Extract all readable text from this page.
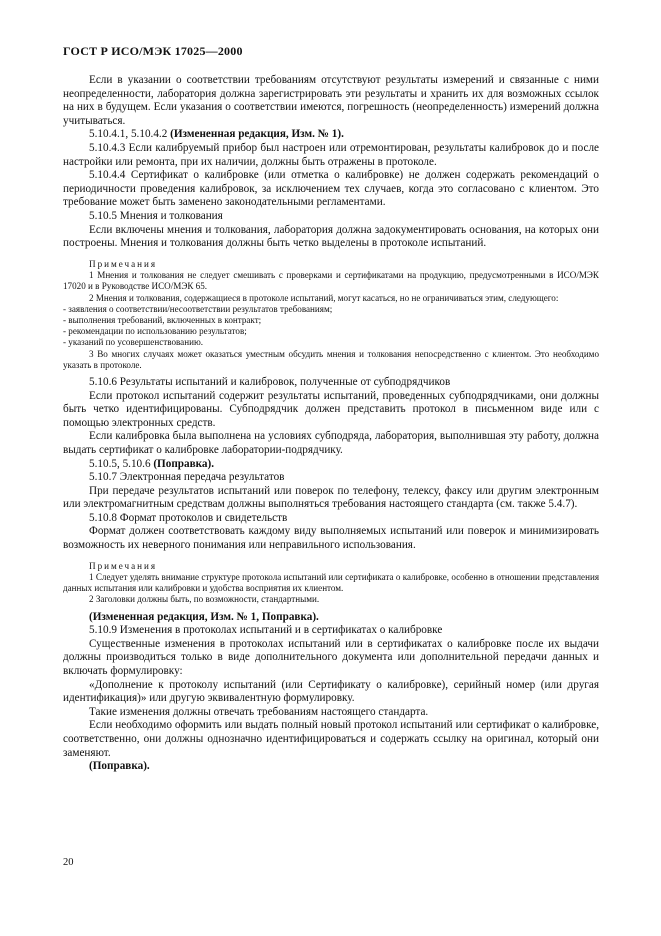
ГОСТ Р ИСО/МЭК 17025—2000

Если в указании о соответствии требованиям отсутствуют результаты измерений и связанные с ними неопределенности, лаборатория должна зарегистрировать эти результаты и хранить их для возможных ссылок на них в будущем. Если указания о соответствии имеются, погрешность (неопределенность) измерений должна учитываться.

5.10.4.1, 5.10.4.2 (Измененная редакция, Изм. № 1).

5.10.4.3 Если калибруемый прибор был настроен или отремонтирован, результаты калибровок до и после настройки или ремонта, при их наличии, должны быть отражены в протоколе.

5.10.4.4 Сертификат о калибровке (или отметка о калибровке) не должен содержать рекомендаций о периодичности проведения калибровок, за исключением тех случаев, когда это согласовано с клиентом. Это требование может быть заменено законодательными регламентами.

5.10.5 Мнения и толкования

Если включены мнения и толкования, лаборатория должна задокументировать основания, на которых они построены. Мнения и толкования должны быть четко выделены в протоколе испытаний.

Примечания

1 Мнения и толкования не следует смешивать с проверками и сертификатами на продукцию, предусмотренными в ИСО/МЭК 17020 и в Руководстве ИСО/МЭК 65.

2 Мнения и толкования, содержащиеся в протоколе испытаний, могут касаться, но не ограничиваться этим, следующего:

- заявления о соответствии/несоответствии результатов требованиям;

- выполнения требований, включенных в контракт;

- рекомендации по использованию результатов;

- указаний по усовершенствованию.

3 Во многих случаях может оказаться уместным обсудить мнения и толкования непосредственно с клиентом. Это необходимо указать в протоколе.

5.10.6 Результаты испытаний и калибровок, полученные от субподрядчиков

Если протокол испытаний содержит результаты испытаний, проведенных субподрядчиками, они должны быть четко идентифицированы. Субподрядчик должен представить протокол в письменном виде или с помощью электронных средств.

Если калибровка была выполнена на условиях субподряда, лаборатория, выполнившая эту работу, должна выдать сертификат о калибровке лаборатории-подрядчику.

5.10.5, 5.10.6 (Поправка).

5.10.7 Электронная передача результатов

При передаче результатов испытаний или поверок по телефону, телексу, факсу или другим электронным или электромагнитным средствам должны выполняться требования настоящего стандарта (см. также 5.4.7).

5.10.8 Формат протоколов и свидетельств

Формат должен соответствовать каждому виду выполняемых испытаний или поверок и минимизировать возможность их неверного понимания или неправильного использования.

Примечания

1 Следует уделять внимание структуре протокола испытаний или сертификата о калибровке, особенно в отношении представления данных испытания или калибровки и удобства восприятия их клиентом.

2 Заголовки должны быть, по возможности, стандартными.

(Измененная редакция, Изм. № 1, Поправка).

5.10.9 Изменения в протоколах испытаний и в сертификатах о калибровке

Существенные изменения в протоколах испытаний или в сертификатах о калибровке после их выдачи должны производиться только в виде дополнительного документа или дополнительной передачи данных и включать формулировку:

«Дополнение к протоколу испытаний (или Сертификату о калибровке), серийный номер (или другая идентификация)» или другую эквивалентную формулировку.

Такие изменения должны отвечать требованиям настоящего стандарта.

Если необходимо оформить или выдать полный новый протокол испытаний или сертификат о калибровке, соответственно, они должны однозначно идентифицироваться и содержать ссылку на оригинал, который они заменяют.

(Поправка).

20
